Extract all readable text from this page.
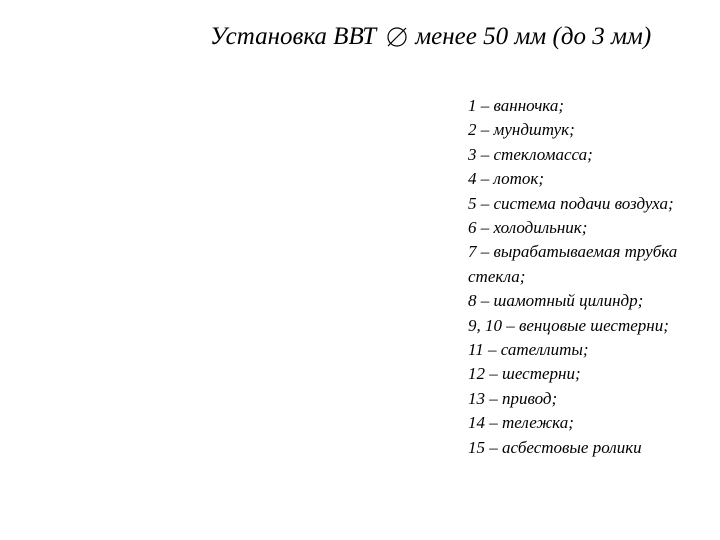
Установка ВВТ менее 50 мм (до 3 мм)
1 – ванночка;
2 – мундштук;
3 – стекломасса;
4 – лоток;
5 – система подачи воздуха;
6 – холодильник;
7 – вырабатываемая трубка стекла;
8 – шамотный цилиндр;
9, 10 – венцовые шестерни;
11 – сателлиты;
12 – шестерни;
13 – привод;
14 – тележка;
15 – асбестовые ролики
